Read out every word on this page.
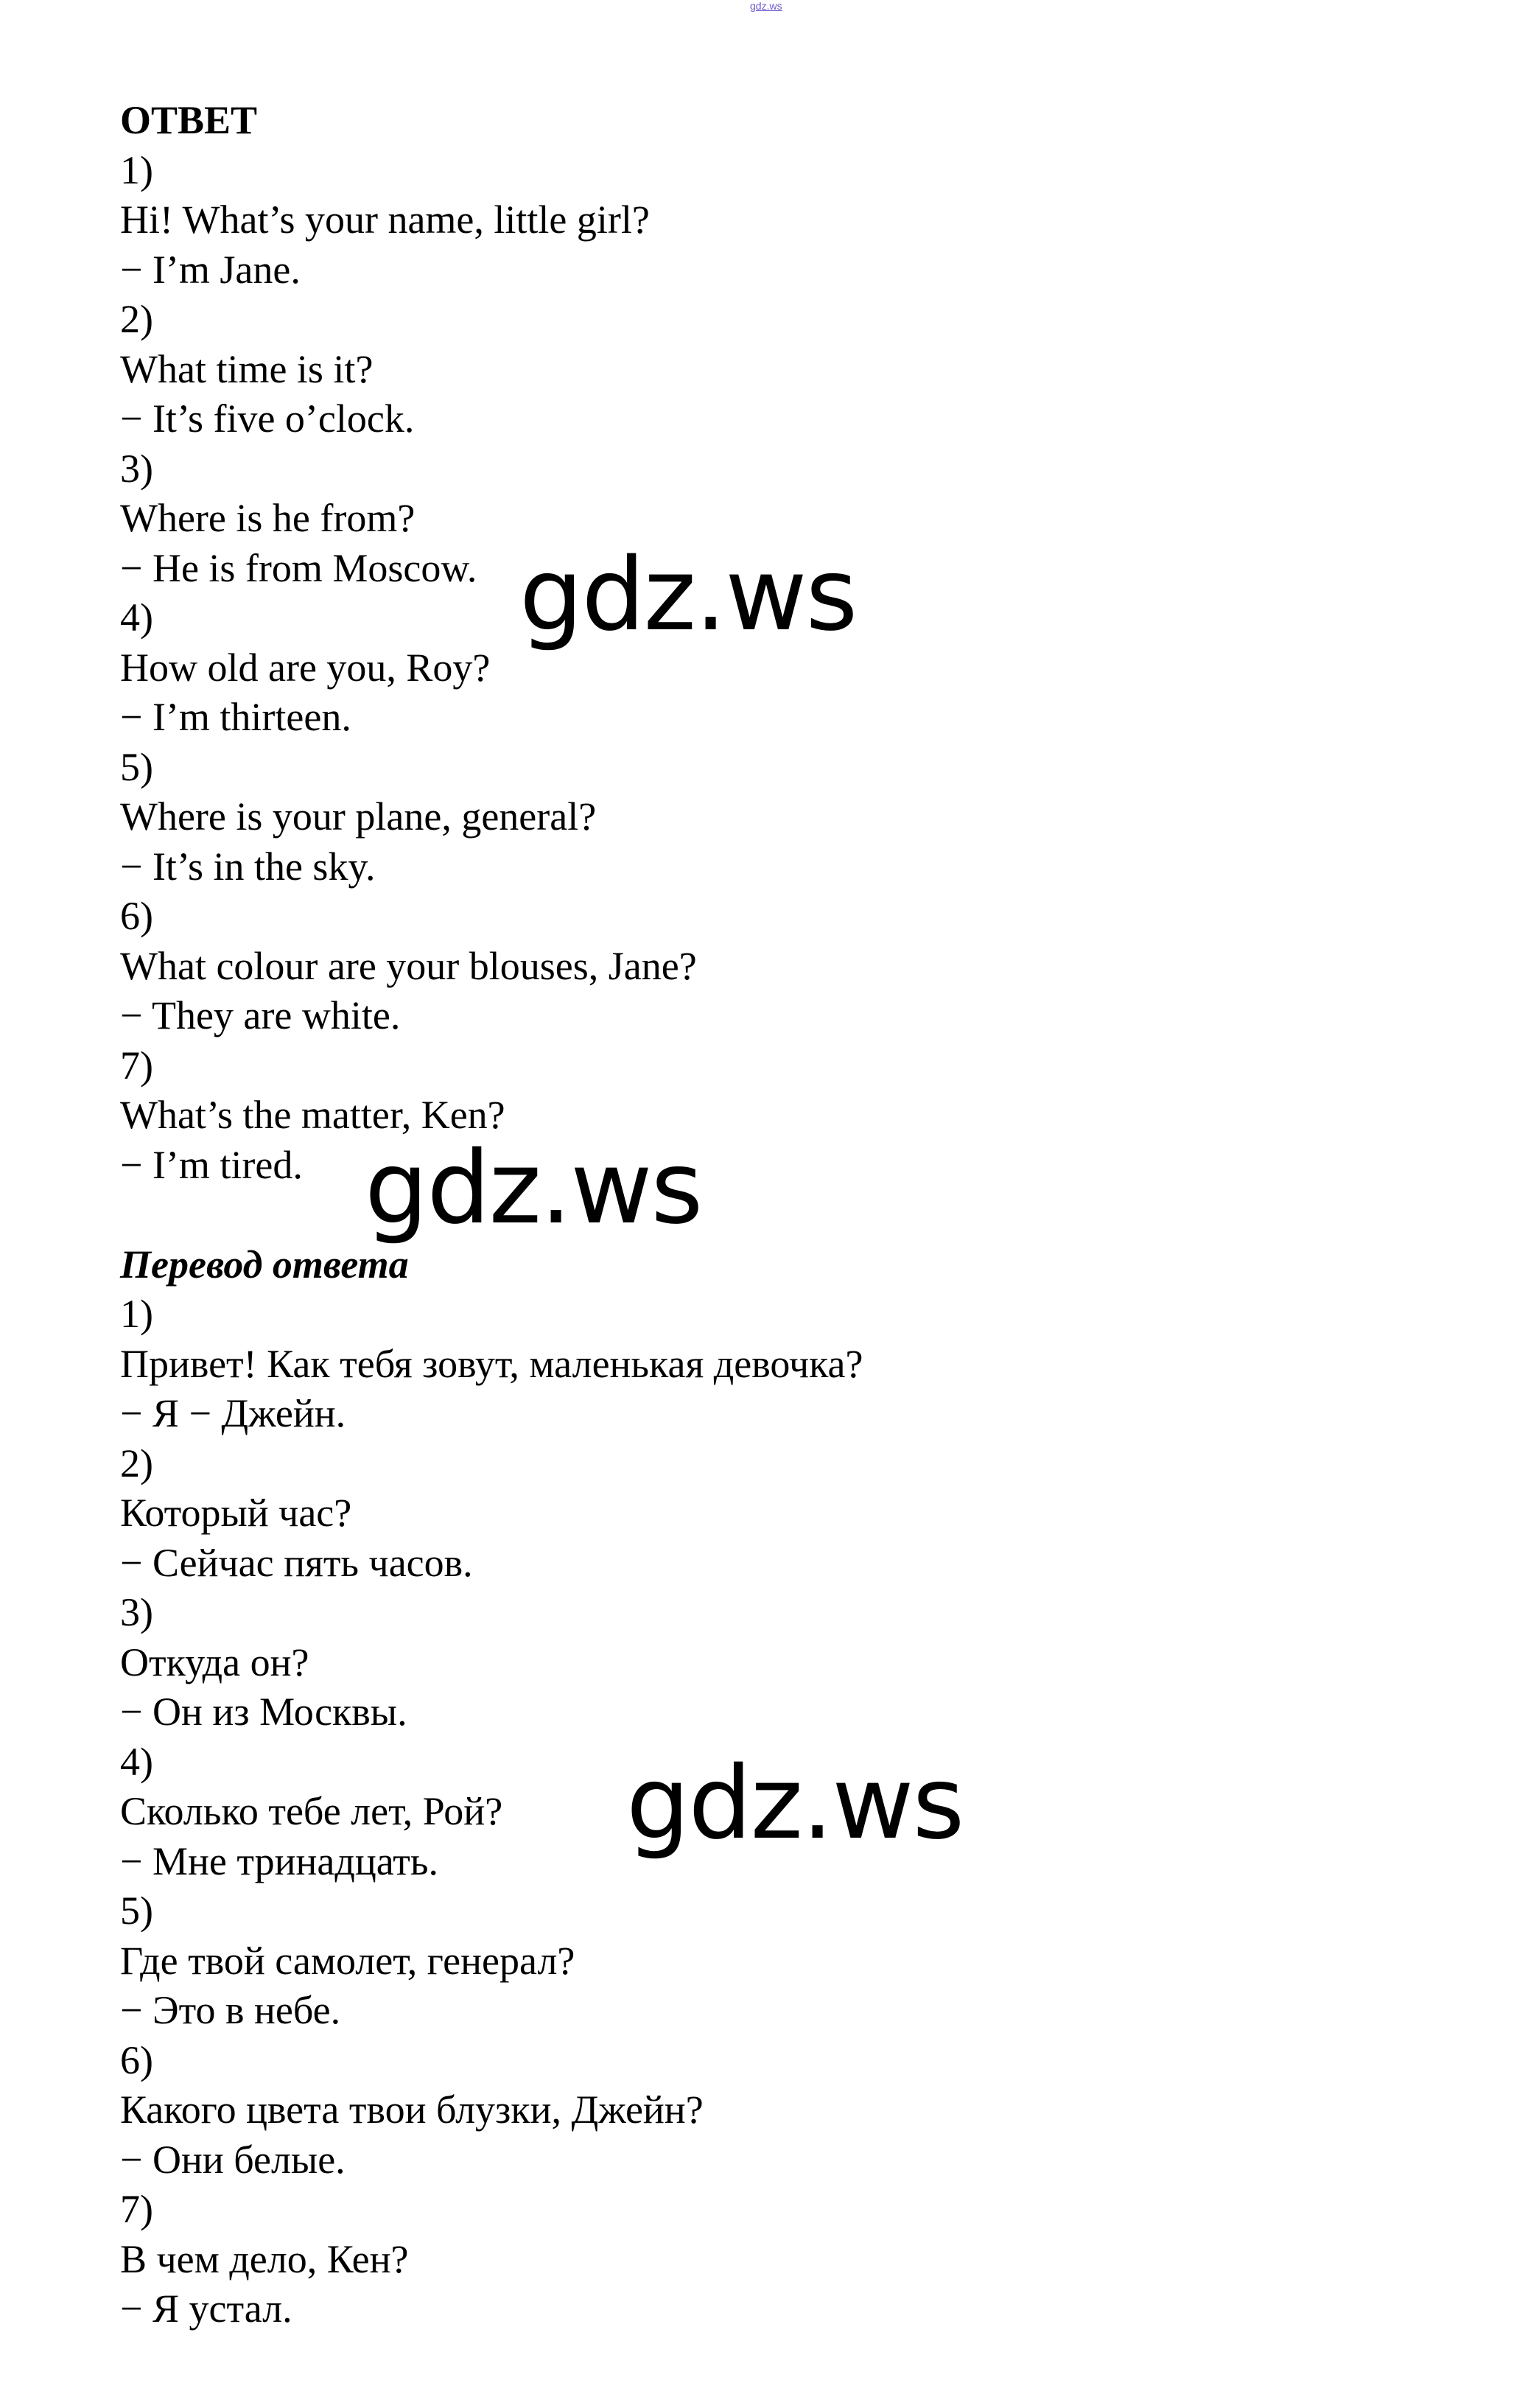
gdz.ws
ОТВЕТ
1)
Hi! What’s your name, little girl?
− I’m Jane.
2)
What time is it?
− It’s five o’clock.
3)
Where is he from?
− He is from Moscow.
4)
How old are you, Roy?
− I’m thirteen.
5)
Where is your plane, general?
− It’s in the sky.
6)
What colour are your blouses, Jane?
− They are white.
7)
What’s the matter, Ken?
− I’m tired.
Перевод ответа
1)
Привет! Как тебя зовут, маленькая девочка?
− Я − Джейн.
2)
Который час?
− Сейчас пять часов.
3)
Откуда он?
− Он из Москвы.
4)
Сколько тебе лет, Рой?
− Мне тринадцать.
5)
Где твой самолет, генерал?
− Это в небе.
6)
Какого цвета твои блузки, Джейн?
− Они белые.
7)
В чем дело, Кен?
− Я устал.
gdz.ws
gdz.ws
gdz.ws
